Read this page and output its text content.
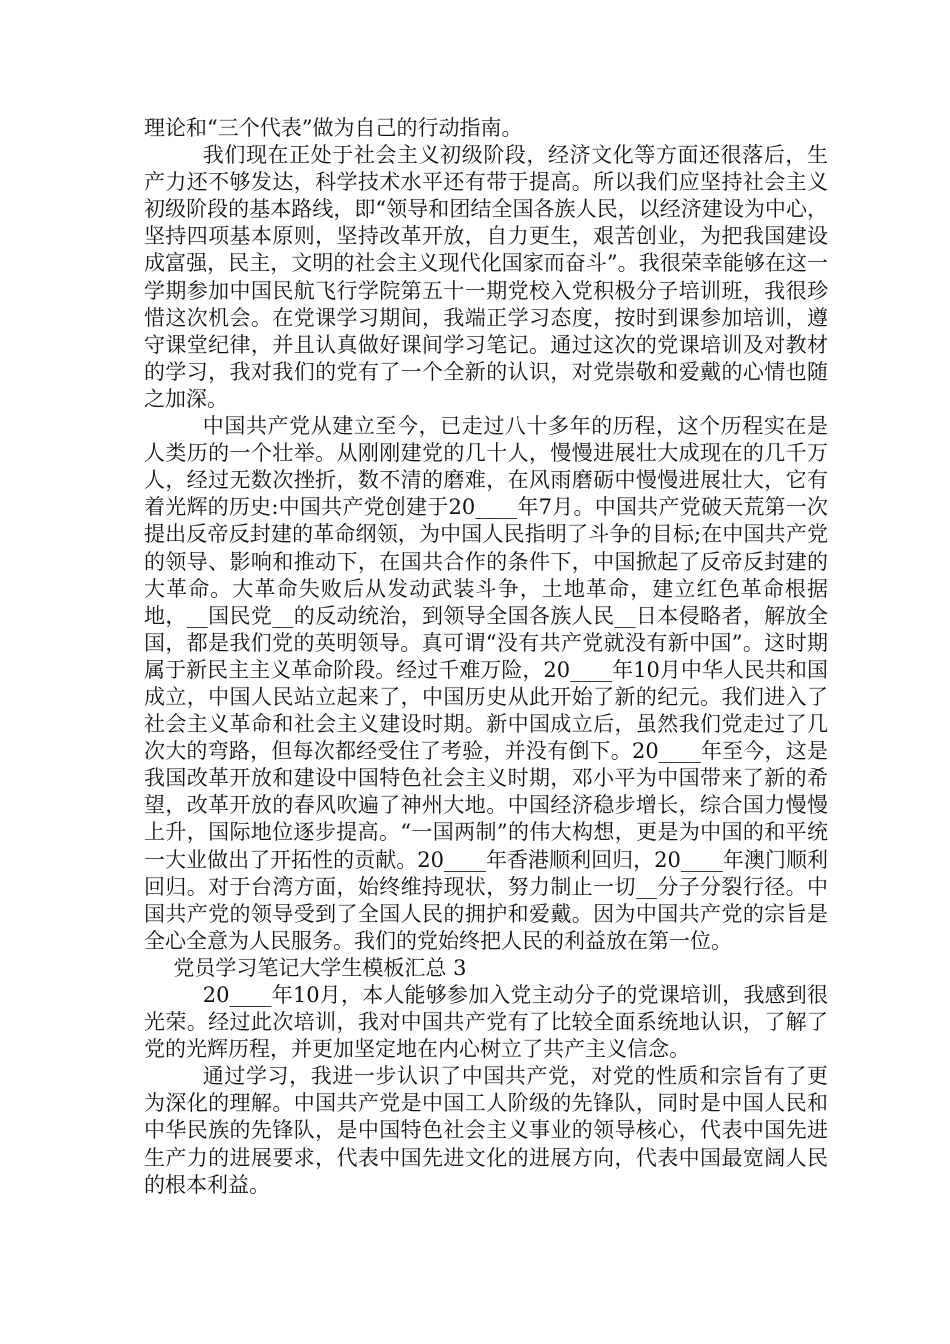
理论和“三个代表”做为自己的行动指南。

我们现在正处于社会主义初级阶段，经济文化等方面还很落后，生产力还不够发达，科学技术水平还有带于提高。所以我们应坚持社会主义初级阶段的基本路线，即“领导和团结全国各族人民，以经济建设为中心，坚持四项基本原则，坚持改革开放，自力更生，艰苦创业，为把我国建设成富强，民主，文明的社会主义现代化国家而奋斗”。我很荣幸能够在这一学期参加中国民航飞行学院第五十一期党校入党积极分子培训班，我很珍惜这次机会。在党课学习期间，我端正学习态度，按时到课参加培训，遵守课堂纪律，并且认真做好课间学习笔记。通过这次的党课培训及对教材的学习，我对我们的党有了一个全新的认识，对党崇敬和爱戴的心情也随之加深。

中国共产党从建立至今，已走过八十多年的历程，这个历程实在是人类历的一个壮举。从刚刚建党的几十人，慢慢进展壮大成现在的几千万人，经过无数次挫折，数不清的磨难，在风雨磨砺中慢慢进展壮大，它有着光辉的历史:中国共产党创建于20____年7月。中国共产党破天荒第一次提出反帝反封建的革命纲领，为中国人民指明了斗争的目标;在中国共产党的领导、影响和推动下，在国共合作的条件下，中国掀起了反帝反封建的大革命。大革命失败后从发动武装斗争，土地革命，建立红色革命根据地，__国民党__的反动统治，到领导全国各族人民__日本侵略者，解放全国，都是我们党的英明领导。真可谓“没有共产党就没有新中国”。这时期属于新民主主义革命阶段。经过千难万险，20____年10月中华人民共和国成立，中国人民站立起来了，中国历史从此开始了新的纪元。我们进入了社会主义革命和社会主义建设时期。新中国成立后，虽然我们党走过了几次大的弯路，但每次都经受住了考验，并没有倒下。20____年至今，这是我国改革开放和建设中国特色社会主义时期，邓小平为中国带来了新的希望，改革开放的春风吹遍了神州大地。中国经济稳步增长，综合国力慢慢上升，国际地位逐步提高。“一国两制”的伟大构想，更是为中国的和平统一大业做出了开拓性的贡献。20____年香港顺利回归，20____年澳门顺利回归。对于台湾方面，始终维持现状，努力制止一切__分子分裂行径。中国共产党的领导受到了全国人民的拥护和爱戴。因为中国共产党的宗旨是全心全意为人民服务。我们的党始终把人民的利益放在第一位。

党员学习笔记大学生模板汇总 3

20____年10月，本人能够参加入党主动分子的党课培训，我感到很光荣。经过此次培训，我对中国共产党有了比较全面系统地认识，了解了党的光辉历程，并更加坚定地在内心树立了共产主义信念。

通过学习，我进一步认识了中国共产党，对党的性质和宗旨有了更为深化的理解。中国共产党是中国工人阶级的先锋队，同时是中国人民和中华民族的先锋队，是中国特色社会主义事业的领导核心，代表中国先进生产力的进展要求，代表中国先进文化的进展方向，代表中国最宽阔人民的根本利益。
